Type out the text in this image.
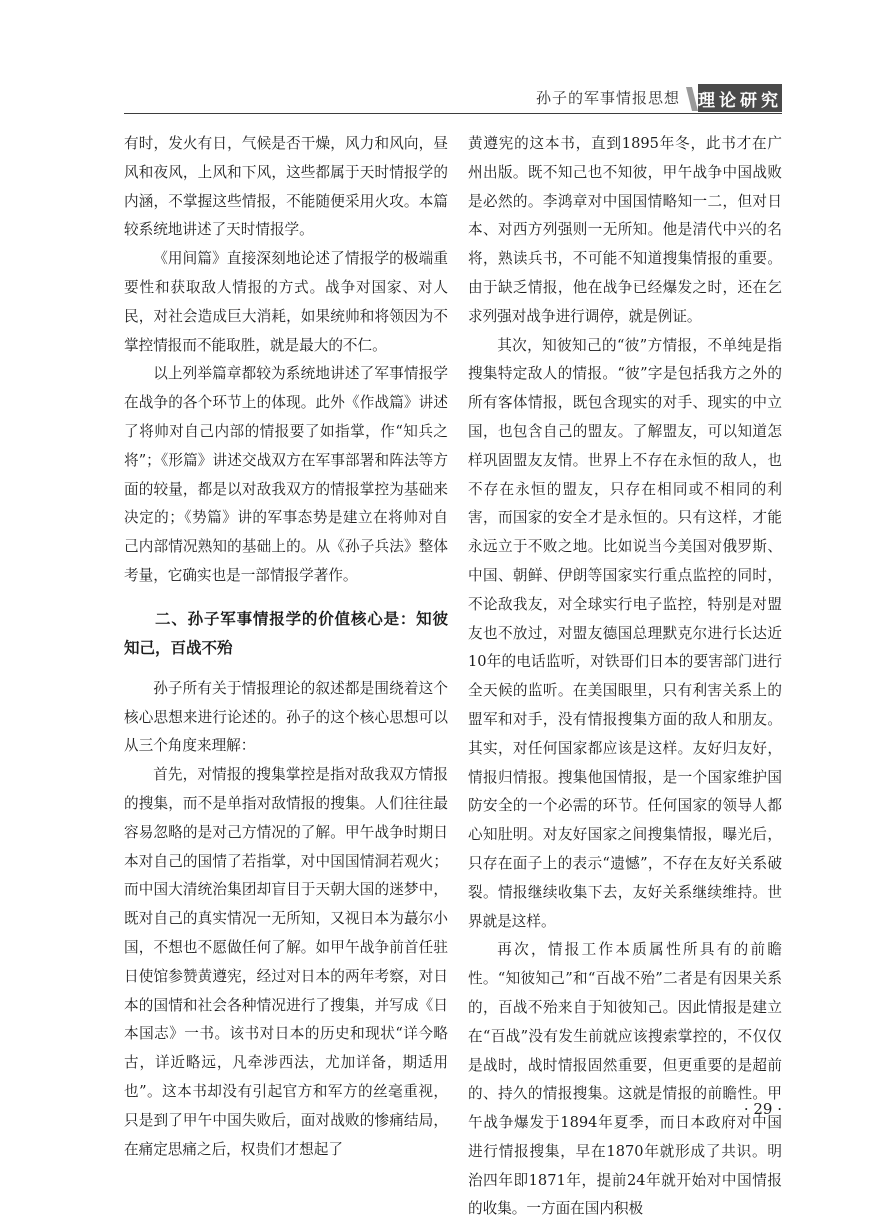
孙子的军事情报思想 理论研究

有时，发火有日，气候是否干燥，风力和风向，昼风和夜风，上风和下风，这些都属于天时情报学的内涵，不掌握这些情报，不能随便采用火攻。本篇较系统地讲述了天时情报学。

《用间篇》直接深刻地论述了情报学的极端重要性和获取敌人情报的方式。战争对国家、对人民，对社会造成巨大消耗，如果统帅和将领因为不掌控情报而不能取胜，就是最大的不仁。

以上列举篇章都较为系统地讲述了军事情报学在战争的各个环节上的体现。此外《作战篇》讲述了将帅对自己内部的情报要了如指掌，作“知兵之将”；《形篇》讲述交战双方在军事部署和阵法等方面的较量，都是以对敌我双方的情报掌控为基础来决定的；《势篇》讲的军事态势是建立在将帅对自己内部情况熟知的基础上的。从《孙子兵法》整体考量，它确实也是一部情报学著作。

二、孙子军事情报学的价值核心是：知彼知己，百战不殆

孙子所有关于情报理论的叙述都是围绕着这个核心思想来进行论述的。孙子的这个核心思想可以从三个角度来理解：

首先，对情报的搜集掌控是指对敌我双方情报的搜集，而不是单指对敌情报的搜集。人们往往最容易忽略的是对己方情况的了解。甲午战争时期日本对自己的国情了若指掌，对中国国情洞若观火；而中国大清统治集团却盲目于天朝大国的迷梦中，既对自己的真实情况一无所知，又视日本为蕞尔小国，不想也不愿做任何了解。如甲午战争前首任驻日使馆参赞黄遵宪，经过对日本的两年考察，对日本的国情和社会各种情况进行了搜集，并写成《日本国志》一书。该书对日本的历史和现状“详今略古，详近略远，凡牵涉西法，尤加详备，期适用也”。这本书却没有引起官方和军方的丝毫重视，只是到了甲午中国失败后，面对战败的惨痛结局，在痛定思痛之后，权贵们才想起了

黄遵宪的这本书，直到1895年冬，此书才在广州出版。既不知己也不知彼，甲午战争中国战败是必然的。李鸿章对中国国情略知一二，但对日本、对西方列强则一无所知。他是清代中兴的名将，熟读兵书，不可能不知道搜集情报的重要。由于缺乏情报，他在战争已经爆发之时，还在乞求列强对战争进行调停，就是例证。

其次，知彼知己的“彼”方情报，不单纯是指搜集特定敌人的情报。“彼”字是包括我方之外的所有客体情报，既包含现实的对手、现实的中立国，也包含自己的盟友。了解盟友，可以知道怎样巩固盟友友情。世界上不存在永恒的敌人，也不存在永恒的盟友，只存在相同或不相同的利害，而国家的安全才是永恒的。只有这样，才能永远立于不败之地。比如说当今美国对俄罗斯、中国、朝鲜、伊朗等国家实行重点监控的同时，不论敌我友，对全球实行电子监控，特别是对盟友也不放过，对盟友德国总理默克尔进行长达近10年的电话监听，对铁哥们日本的要害部门进行全天候的监听。在美国眼里，只有利害关系上的盟军和对手，没有情报搜集方面的敌人和朋友。其实，对任何国家都应该是这样。友好归友好，情报归情报。搜集他国情报，是一个国家维护国防安全的一个必需的环节。任何国家的领导人都心知肚明。对友好国家之间搜集情报，曝光后，只存在面子上的表示“遗憾”，不存在友好关系破裂。情报继续收集下去，友好关系继续维持。世界就是这样。

再次，情报工作本质属性所具有的前瞻性。“知彼知己”和“百战不殆”二者是有因果关系的，百战不殆来自于知彼知己。因此情报是建立在“百战”没有发生前就应该搜索掌控的，不仅仅是战时，战时情报固然重要，但更重要的是超前的、持久的情报搜集。这就是情报的前瞻性。甲午战争爆发于1894年夏季，而日本政府对中国进行情报搜集，早在1870年就形成了共识。明治四年即1871年，提前24年就开始对中国情报的收集。一方面在国内积极

· 29 ·
